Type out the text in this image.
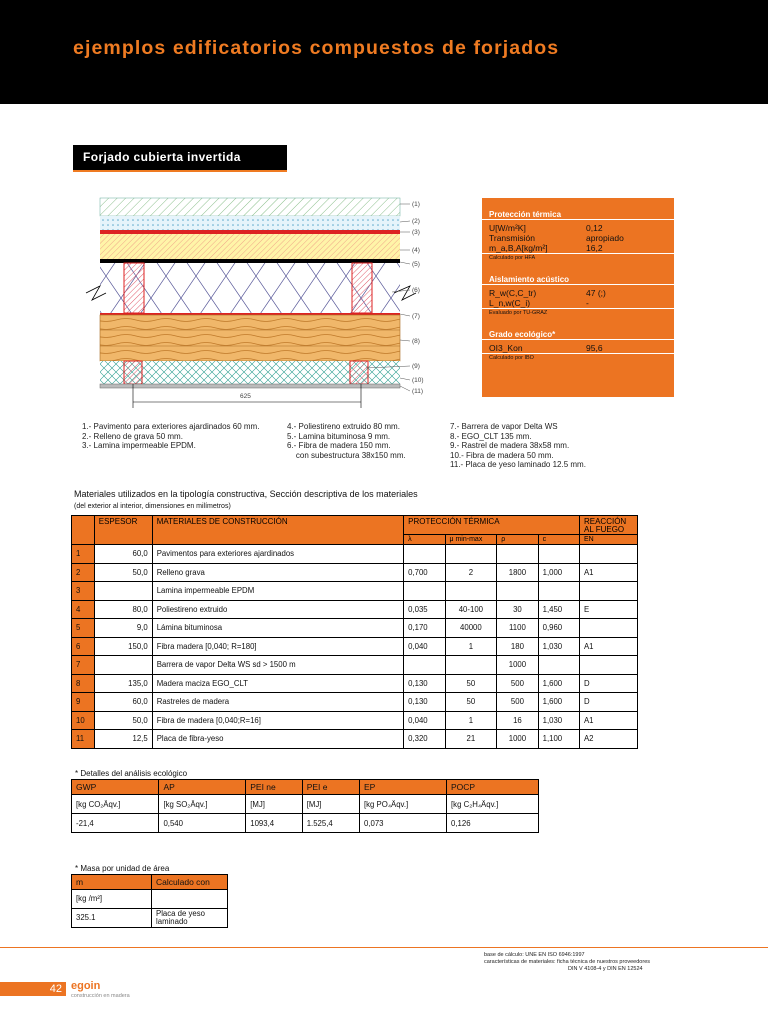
ejemplos edificatorios compuestos de forjados
Forjado cubierta invertida
625
(1)
(2)
(3)
(4)
(5)
(6)
(7)
(8)
(9)
(10)
(11)
Protección térmica
U[W/m²K]	0,12
Transmisión	apropiado
m_a,B,A[kg/m²]	16,2
Calculado por HFA
Aislamiento acústico
R_w(C,C_tr)	47 (;)
L_n,w(C_i)	-
Evaluado por TU-GRAZ
Grado ecológico*
OI3_Kon	95,6
Calculado por IBO
1.- Pavimento para exteriores ajardinados 60 mm.
2.- Relleno de grava 50 mm.
3.- Lamina impermeable EPDM.
4.- Poliestireno extruido 80 mm.
5.- Lamina bituminosa 9 mm.
6.- Fibra de madera 150 mm.
con subestructura 38x150 mm.
7.- Barrera de vapor Delta WS
8.- EGO_CLT 135 mm.
9.- Rastrel de madera 38x58 mm.
10.- Fibra de madera 50 mm.
11.- Placa de yeso laminado 12.5 mm.
Materiales utilizados en la tipología constructiva, Sección descriptiva de los materiales
(del exterior al interior, dimensiones en milímetros)
	ESPESOR	MATERIALES DE CONSTRUCCIÓN	PROTECCIÓN TÉRMICA				REACCIÓN AL FUEGO
			λ	μ min-max	ρ	c	EN
1	60,0	Pavimentos para exteriores ajardinados					
2	50,0	Relleno grava	0,700	2	1800	1,000	A1
3		Lamina impermeable EPDM					
4	80,0	Poliestireno extruido	0,035	40-100	30	1,450	E
5	9,0	Lámina bituminosa	0,170	40000	1100	0,960	
6	150,0	Fibra madera [0,040; R=180]	0,040	1	180	1,030	A1
7		Barrera de vapor Delta WS sd > 1500 m			1000		
8	135,0	Madera maciza EGO_CLT	0,130	50	500	1,600	D
9	60,0	Rastreles de madera	0,130	50	500	1,600	D
10	50,0	Fibra de madera [0,040;R=16]	0,040	1	16	1,030	A1
11	12,5	Placa de fibra-yeso	0,320	21	1000	1,100	A2
* Detalles del análisis ecológico
GWP	AP	PEI ne	PEI e	EP	POCP
[kg CO₂Äqv.]	[kg SO₂Äqv.]	[MJ]	[MJ]	[kg PO₄Äqv.]	[kg C₂H₄Äqv.]
-21,4	0,540	1093,4	1.525,4	0,073	0,126
* Masa por unidad de área
m	Calculado con
[kg /m²]	
325.1	Placa de yeso laminado
base de cálculo: UNE EN ISO 6946:1997
características de materiales: ficha técnica de nuestros proveedores
DIN V 4108-4 y DIN EN 12524
42 egoin
construcción en madera
